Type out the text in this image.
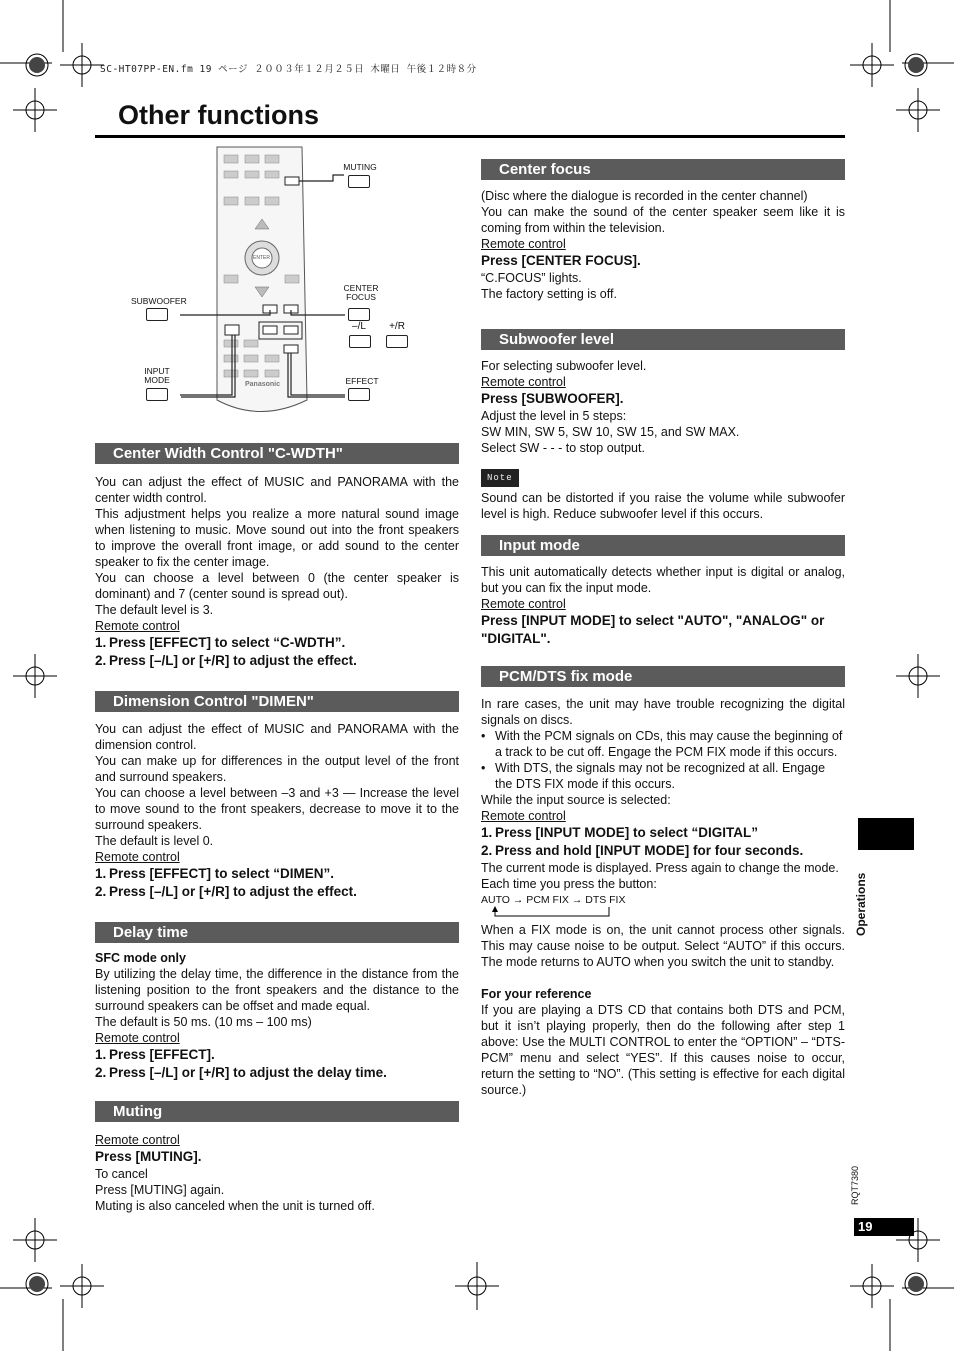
SC-HT07PP-EN.fm 19 ページ ２００３年１２月２５日 木曜日 午後１２時８分
Other functions
MUTING
SUBWOOFER
CENTER
FOCUS
–/L	+/R
INPUT
MODE	EFFECT
Panasonic
ENTER
Center Width Control "C-WDTH"

You can adjust the effect of MUSIC and PANORAMA with the center width control.

This adjustment helps you realize a more natural sound image when listening to music. Move sound out into the front speakers to improve the overall front image, or add sound to the center speaker to fix the center image.

You can choose a level between 0 (the center speaker is dominant) and 7 (center sound is spread out).

The default level is 3.

Remote control
1. Press [EFFECT] to select “C-WDTH”.
2. Press [–/L] or [+/R] to adjust the effect.
Dimension Control "DIMEN"

You can adjust the effect of MUSIC and PANORAMA with the dimension control.

You can make up for differences in the output level of the front and surround speakers.

You can choose a level between –3 and +3 — Increase the level to move sound to the front speakers, decrease to move it to the surround speakers.

The default is level 0.

Remote control
1. Press [EFFECT] to select “DIMEN”.
2. Press [–/L] or [+/R] to adjust the effect.
Delay time
SFC mode only

By utilizing the delay time, the difference in the distance from the listening position to the front speakers and the distance to the surround speakers can be offset and made equal.

The default is 50 ms. (10 ms – 100 ms)

Remote control
1. Press [EFFECT].
2. Press [–/L] or [+/R] to adjust the delay time.
Muting
Remote control
Press [MUTING].
To cancel
Press [MUTING] again.
Muting is also canceled when the unit is turned off.
Center focus

(Disc where the dialogue is recorded in the center channel)

You can make the sound of the center speaker seem like it is coming from within the television.

Remote control
Press [CENTER FOCUS].
“C.FOCUS” lights.
The factory setting is off.
Subwoofer level

For selecting subwoofer level.

Remote control
Press [SUBWOOFER].
Adjust the level in 5 steps:
SW MIN, SW 5, SW 10, SW 15, and SW MAX.
Select SW - - - to stop output.
Note

Sound can be distorted if you raise the volume while subwoofer level is high. Reduce subwoofer level if this occurs.

Input mode

This unit automatically detects whether input is digital or analog, but you can fix the input mode.

Remote control
Press [INPUT MODE] to select "AUTO", "ANALOG" or "DIGITAL".
PCM/DTS fix mode

In rare cases, the unit may have trouble recognizing the digital signals on discs.

• With the PCM signals on CDs, this may cause the beginning of a track to be cut off. Engage the PCM FIX mode if this occurs.
• With DTS, the signals may not be recognized at all. Engage the DTS FIX mode if this occurs.
While the input source is selected:
Remote control
1. Press [INPUT MODE] to select “DIGITAL”
2. Press and hold [INPUT MODE] for four seconds.
The current mode is displayed. Press again to change the mode.
Each time you press the button:
AUTO → PCM FIX → DTS FIX

When a FIX mode is on, the unit cannot process other signals. This may cause noise to be output. Select “AUTO” if this occurs. The mode returns to AUTO when you switch the unit to standby.

For your reference

If you are playing a DTS CD that contains both DTS and PCM, but it isn’t playing properly, then do the following after step 1 above: Use the MULTI CONTROL to enter the “OPTION” – “DTS-PCM” menu and select “YES”. If this causes noise to occur, return the setting to “NO”. (This setting is effective for each digital source.)

Operations
RQT7380
19
